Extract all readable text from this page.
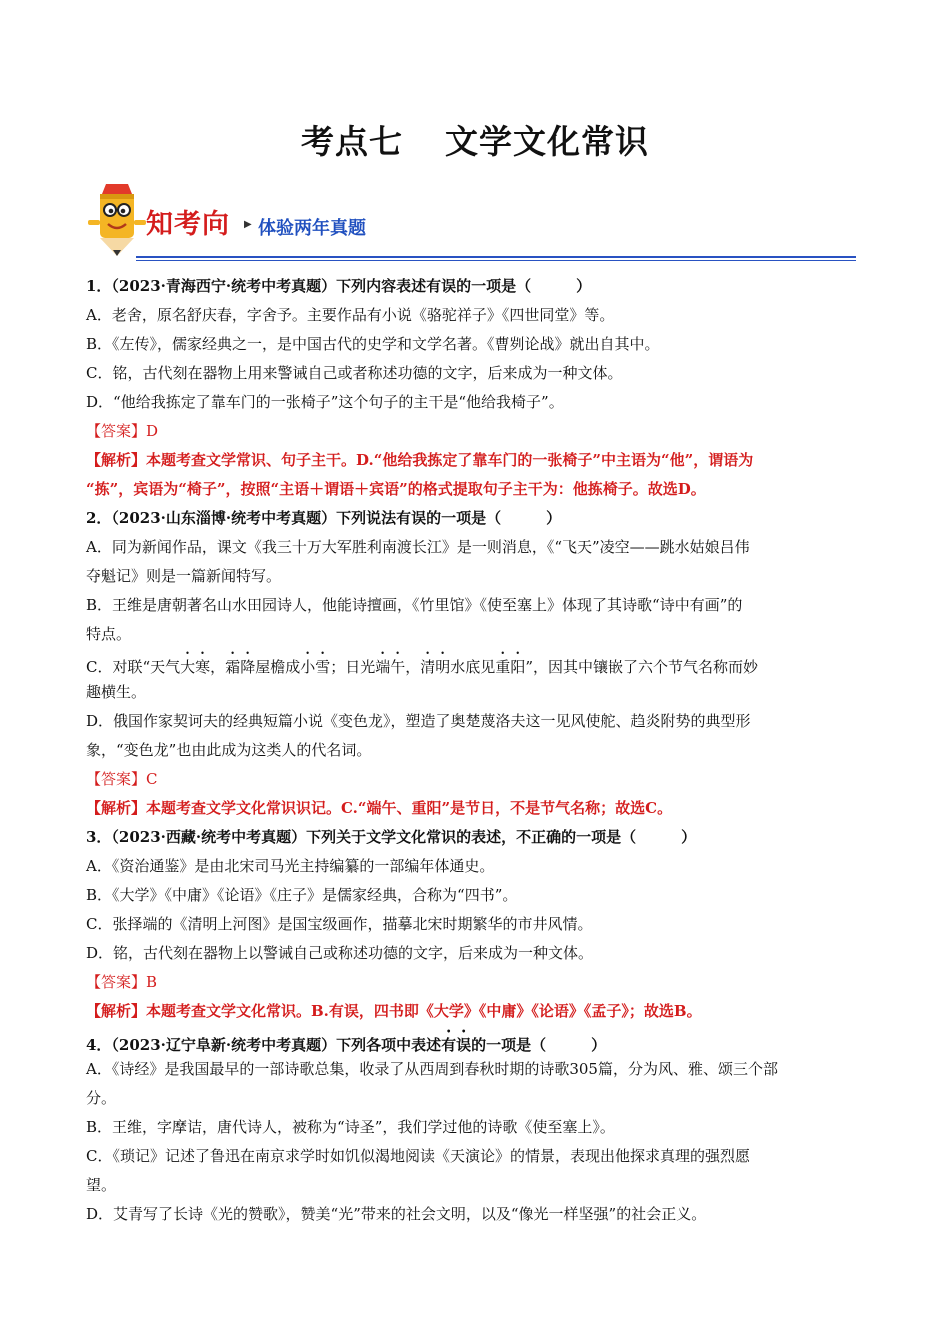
考点七 文学文化常识
知考向 ▶ 体验两年真题
1．（2023·青海西宁·统考中考真题）下列内容表述有误的一项是（　　　）
A．老舍，原名舒庆春，字舍予。主要作品有小说《骆驼祥子》《四世同堂》等。
B．《左传》，儒家经典之一，是中国古代的史学和文学名著。《曹刿论战》就出自其中。
C．铭，古代刻在器物上用来警诫自己或者称述功德的文字，后来成为一种文体。
D．“他给我拣定了靠车门的一张椅子”这个句子的主干是“他给我椅子”。
【答案】D
【解析】本题考查文学常识、句子主干。D.“他给我拣定了靠车门的一张椅子”中主语为“他”，谓语为
“拣”，宾语为“椅子”，按照“主语＋谓语＋宾语”的格式提取句子主干为：他拣椅子。故选D。
2．（2023·山东淄博·统考中考真题）下列说法有误的一项是（　　　）
A．同为新闻作品，课文《我三十万大军胜利南渡长江》是一则消息，《“飞天”凌空——跳水姑娘吕伟
夺魁记》则是一篇新闻特写。
B．王维是唐朝著名山水田园诗人，他能诗擅画，《竹里馆》《使至塞上》体现了其诗歌“诗中有画”的
特点。
C．对联“天气大寒，霜降屋檐成小雪；日光端午，清明水底见重阳”，因其中镶嵌了六个节气名称而妙
趣横生。
D．俄国作家契诃夫的经典短篇小说《变色龙》，塑造了奥楚蔑洛夫这一见风使舵、趋炎附势的典型形
象，“变色龙”也由此成为这类人的代名词。
【答案】C
【解析】本题考查文学文化常识识记。C.“端午、重阳”是节日，不是节气名称；故选C。
3．（2023·西藏·统考中考真题）下列关于文学文化常识的表述，不正确的一项是（　　　）
A．《资治通鉴》是由北宋司马光主持编纂的一部编年体通史。
B．《大学》《中庸》《论语》《庄子》是儒家经典，合称为“四书”。
C．张择端的《清明上河图》是国宝级画作，描摹北宋时期繁华的市井风情。
D．铭，古代刻在器物上以警诫自己或称述功德的文字，后来成为一种文体。
【答案】B
【解析】本题考查文学文化常识。B.有误，四书即《大学》《中庸》《论语》《孟子》；故选B。
4．（2023·辽宁阜新·统考中考真题）下列各项中表述有误的一项是（　　　）
A．《诗经》是我国最早的一部诗歌总集，收录了从西周到春秋时期的诗歌305篇，分为风、雅、颂三个部
分。
B．王维，字摩诘，唐代诗人，被称为“诗圣”，我们学过他的诗歌《使至塞上》。
C．《琐记》记述了鲁迅在南京求学时如饥似渴地阅读《天演论》的情景，表现出他探求真理的强烈愿
望。
D．艾青写了长诗《光的赞歌》，赞美“光”带来的社会文明，以及“像光一样坚强”的社会正义。
